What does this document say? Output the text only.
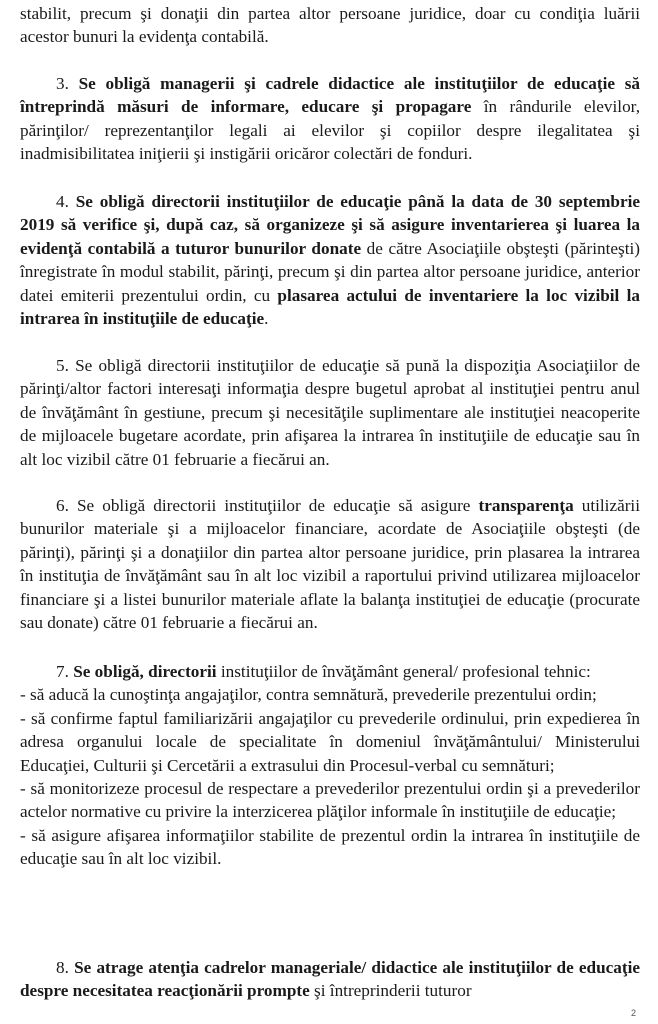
stabilit, precum şi donaţii din partea altor persoane juridice, doar cu condiţia luării
acestor bunuri la evidenţa contabilă.

3. Se obligă managerii şi cadrele didactice ale instituţiilor de educaţie să întreprindă măsuri de informare, educare şi propagare în rândurile elevilor, părinţilor/ reprezentanţilor legali ai elevilor şi copiilor despre ilegalitatea şi inadmisibilitatea iniţierii şi instigării oricăror colectări de fonduri.

4. Se obligă directorii instituţiilor de educaţie până la data de 30 septembrie 2019 să verifice şi, după caz, să organizeze şi să asigure inventarierea şi luarea la evidenţă contabilă a tuturor bunurilor donate de către Asociaţiile obşteşti (părinteşti) înregistrate în modul stabilit, părinţi, precum şi din partea altor persoane juridice, anterior datei emiterii prezentului ordin, cu plasarea actului de inventariere la loc vizibil la intrarea în instituţiile de educaţie.

5. Se obligă directorii instituţiilor de educaţie să pună la dispoziţia Asociaţiilor de părinţi/altor factori interesaţi informaţia despre bugetul aprobat al instituţiei pentru anul de învăţământ în gestiune, precum şi necesităţile suplimentare ale instituţiei neacoperite de mijloacele bugetare acordate, prin afişarea la intrarea în instituţiile de educaţie sau în alt loc vizibil către 01 februarie a fiecărui an.

6. Se obligă directorii instituţiilor de educaţie să asigure transparenţa utilizării bunurilor materiale şi a mijloacelor financiare, acordate de Asociaţiile obşteşti (de părinţi), părinţi şi a donaţiilor din partea altor persoane juridice, prin plasarea la intrarea în instituţia de învăţământ sau în alt loc vizibil a raportului privind utilizarea mijloacelor financiare şi a listei bunurilor materiale aflate la balanţa instituţiei de educaţie (procurate sau donate) către 01 februarie a fiecărui an.

7. Se obligă, directorii instituţiilor de învăţământ general/ profesional tehnic:

- să aducă la cunoştinţa angajaţilor, contra semnătură, prevederile prezentului ordin;

- să confirme faptul familiarizării angajaţilor cu prevederile ordinului, prin expedierea în adresa organului locale de specialitate în domeniul învăţământului/ Ministerului Educaţiei, Culturii şi Cercetării a extrasului din Procesul-verbal cu semnături;

- să monitorizeze procesul de respectare a prevederilor prezentului ordin şi a prevederilor actelor normative cu privire la interzicerea plăţilor informale în instituţiile de educaţie;

- să asigure afişarea informaţiilor stabilite de prezentul ordin la intrarea în instituţiile de educaţie sau în alt loc vizibil.

8. Se atrage atenţia cadrelor manageriale/ didactice ale instituţiilor de educaţie despre necesitatea reacţionării prompte şi întreprinderii tuturor

2
